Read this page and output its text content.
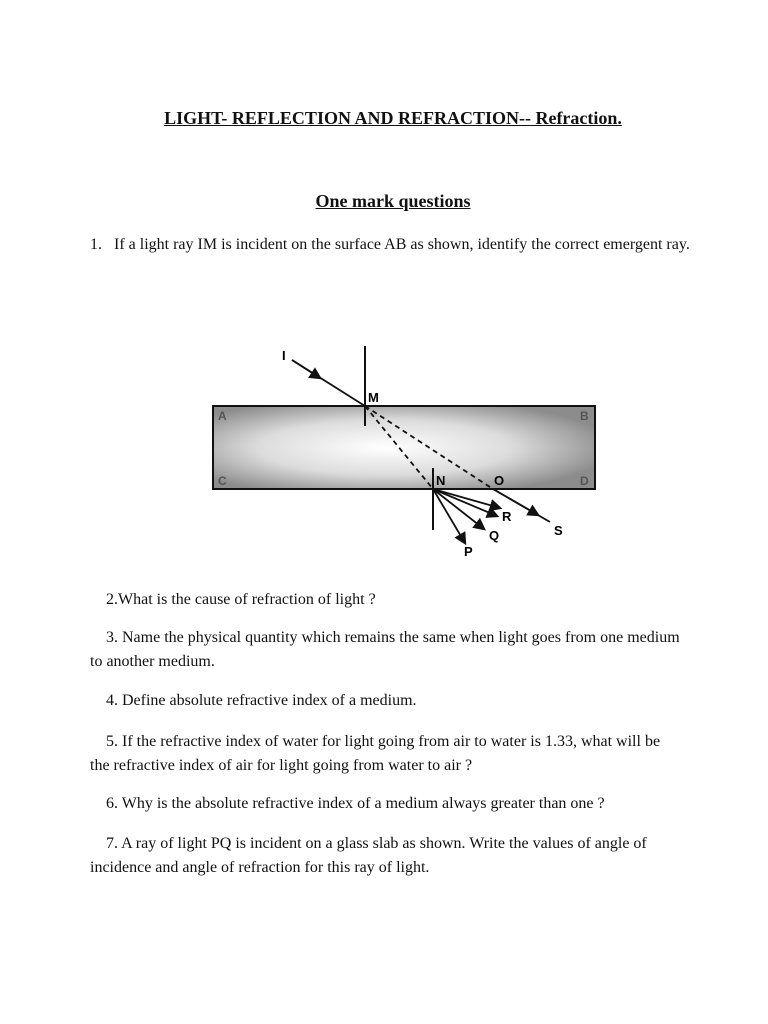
LIGHT- REFLECTION AND REFRACTION-- Refraction.
One mark questions
1. If a light ray IM is incident on the surface AB as shown, identify the correct emergent ray.
I
M
A	B
C	D
N	O
R
Q
P
S
2.What is the cause of refraction of light ?
3. Name the physical quantity which remains the same when light goes from one medium to another medium.
4. Define absolute refractive index of a medium.
5. If the refractive index of water for light going from air to water is 1.33, what will be the refractive index of air for light going from water to air ?
6. Why is the absolute refractive index of a medium always greater than one ?
7. A ray of light PQ is incident on a glass slab as shown. Write the values of angle of incidence and angle of refraction for this ray of light.
